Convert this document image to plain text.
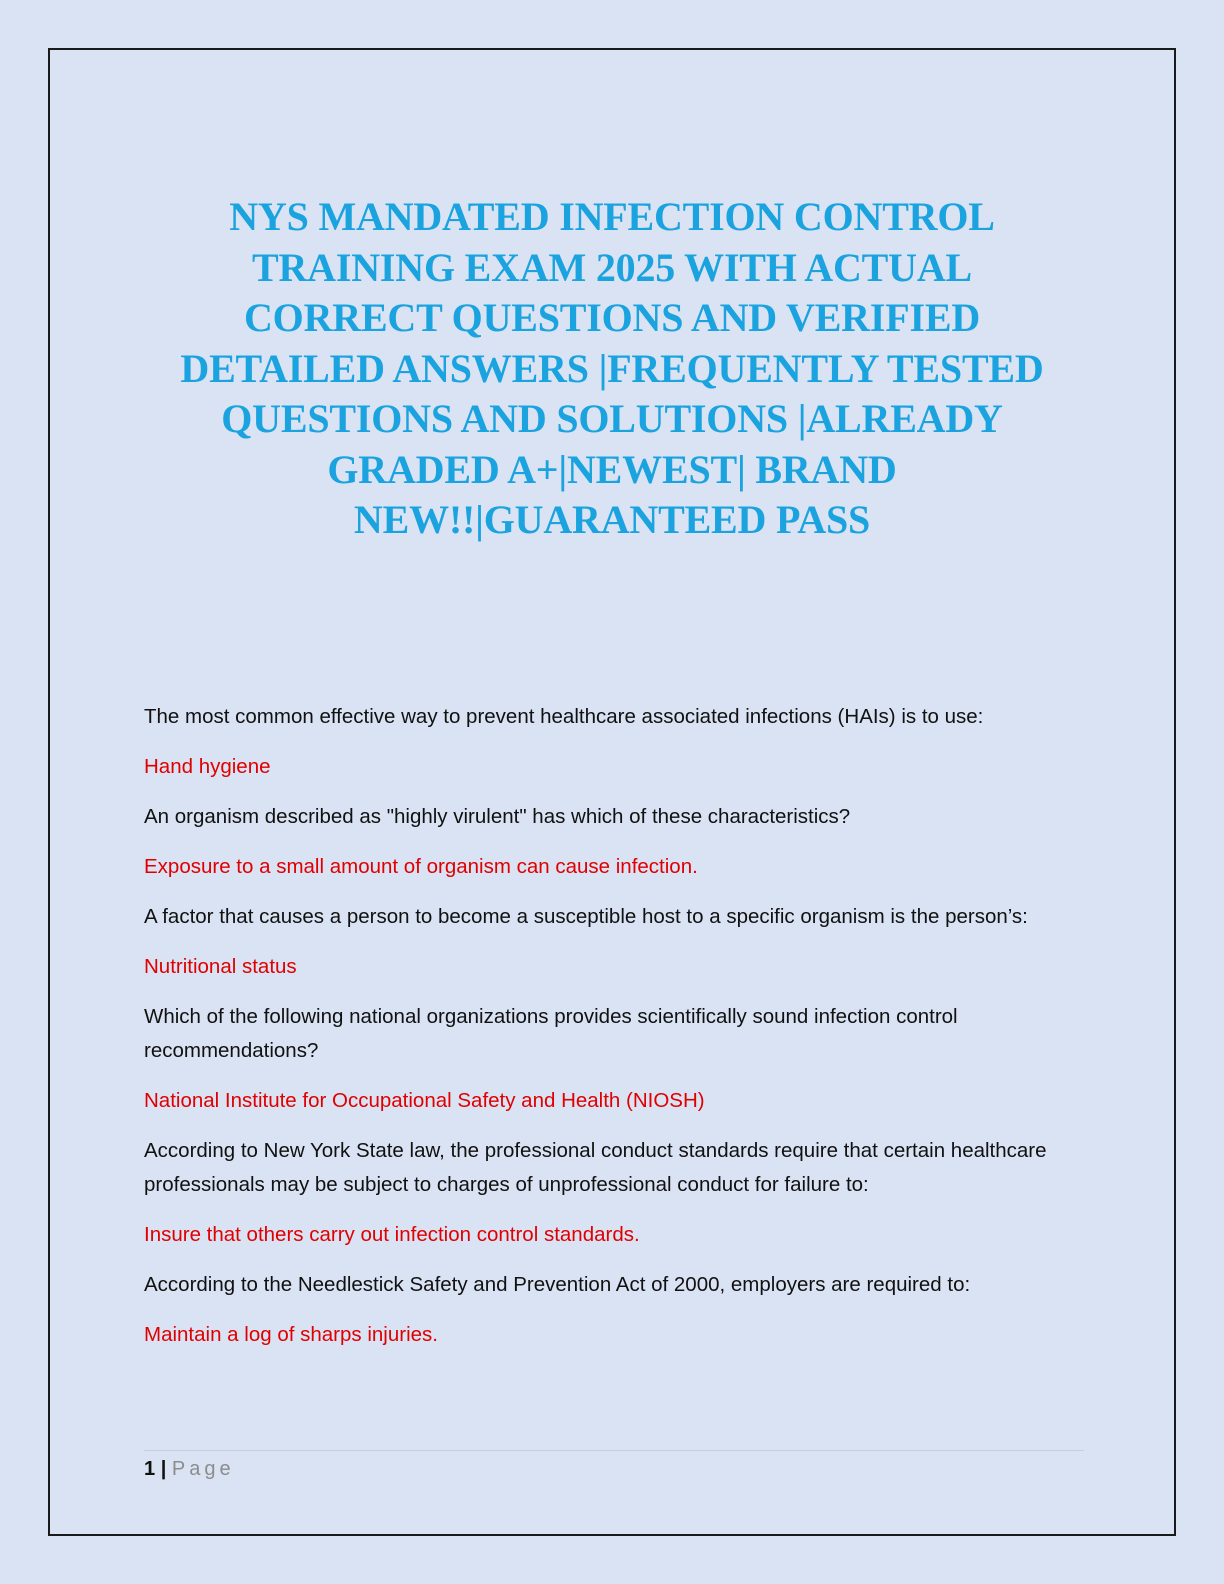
NYS MANDATED INFECTION CONTROL
TRAINING EXAM 2025 WITH ACTUAL
CORRECT QUESTIONS AND VERIFIED
DETAILED ANSWERS |FREQUENTLY TESTED
QUESTIONS AND SOLUTIONS |ALREADY
GRADED A+|NEWEST| BRAND
NEW!!|GUARANTEED PASS

The most common effective way to prevent healthcare associated infections (HAIs) is to use:

Hand hygiene

An organism described as "highly virulent" has which of these characteristics?

Exposure to a small amount of organism can cause infection.

A factor that causes a person to become a susceptible host to a specific organism is the person’s:

Nutritional status

Which of the following national organizations provides scientifically sound infection control recommendations?

National Institute for Occupational Safety and Health (NIOSH)

According to New York State law, the professional conduct standards require that certain healthcare professionals may be subject to charges of unprofessional conduct for failure to:

Insure that others carry out infection control standards.

According to the Needlestick Safety and Prevention Act of 2000, employers are required to:

Maintain a log of sharps injuries.

1 | Page
